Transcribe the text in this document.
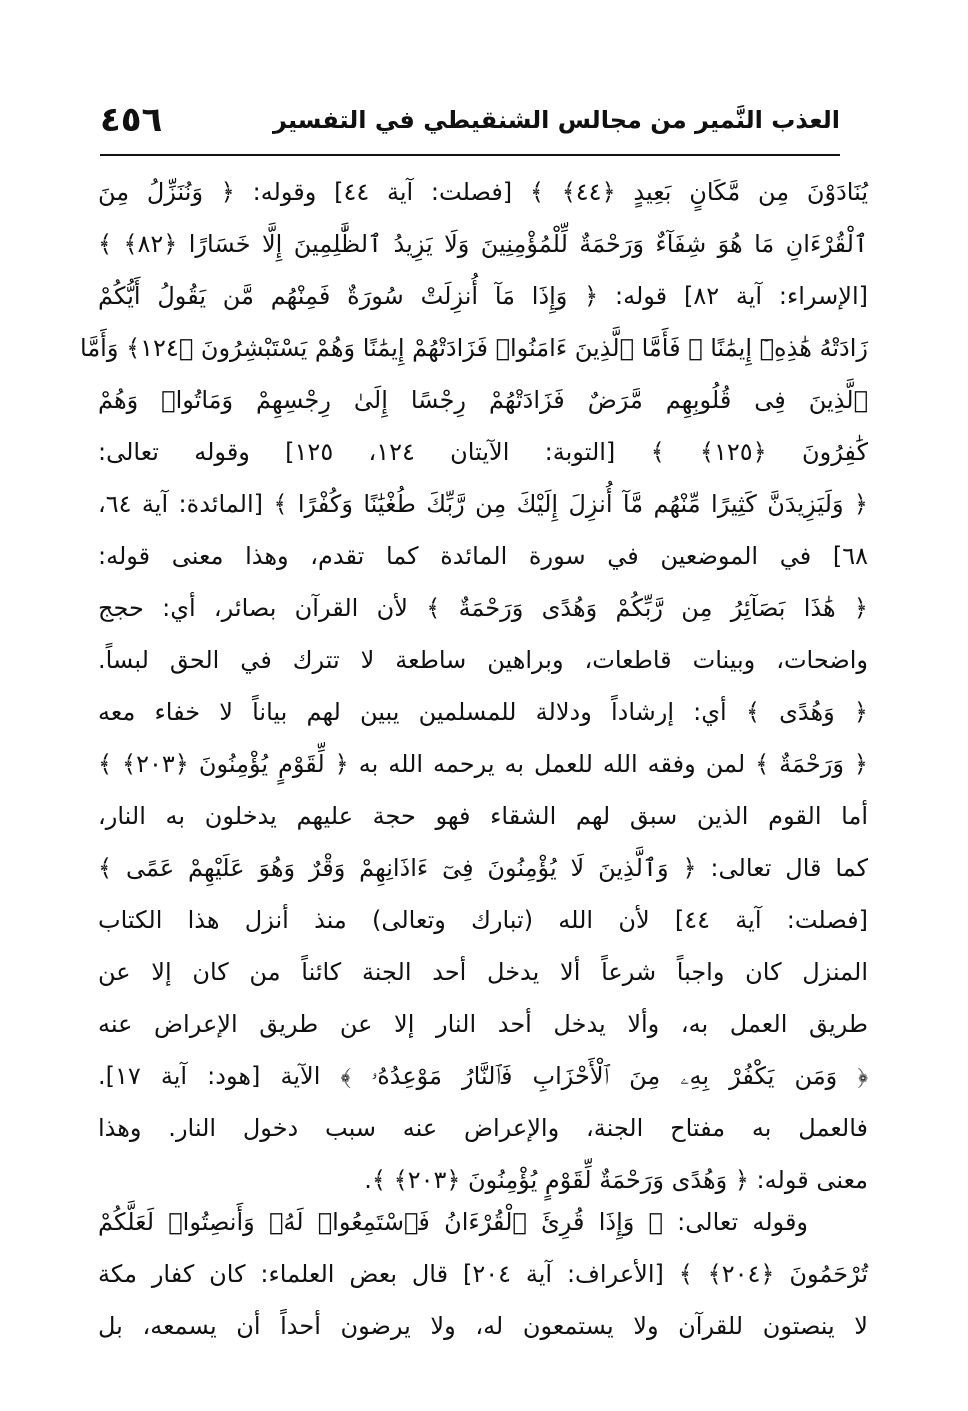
٤٥٦	العذب النَّمير من مجالس الشنقيطي في التفسير
يُنَادَوْنَ مِن مَّكَانٍ بَعِيدٍ ﴿٤٤﴾ ﴾ [فصلت: آية ٤٤] وقوله: ﴿ وَنُنَزِّلُ مِنَ
ٱلْقُرْءَانِ مَا هُوَ شِفَآءٌ وَرَحْمَةٌ لِّلْمُؤْمِنِينَ وَلَا يَزِيدُ ٱلظَّٰلِمِينَ إِلَّا خَسَارًا ﴿٨٢﴾ ﴾
[الإسراء: آية ٨٢] قوله: ﴿ وَإِذَا مَآ أُنزِلَتْ سُورَةٌ فَمِنْهُم مَّن يَقُولُ أَيُّكُمْ
زَادَتْهُ هَٰذِهِۦٓ إِيمَٰنًا ۚ فَأَمَّا ٱلَّذِينَ ءَامَنُوا۟ فَزَادَتْهُمْ إِيمَٰنًا وَهُمْ يَسْتَبْشِرُونَ ﴿١٢٤﴾ وَأَمَّا
ٱلَّذِينَ فِى قُلُوبِهِم مَّرَضٌ فَزَادَتْهُمْ رِجْسًا إِلَىٰ رِجْسِهِمْ وَمَاتُوا۟ وَهُمْ
كَٰفِرُونَ ﴿١٢٥﴾ ﴾ [التوبة: الآيتان ١٢٤، ١٢٥] وقوله تعالى:
﴿ وَلَيَزِيدَنَّ كَثِيرًا مِّنْهُم مَّآ أُنزِلَ إِلَيْكَ مِن رَّبِّكَ طُغْيَٰنًا وَكُفْرًا ﴾ [المائدة: آية ٦٤،
٦٨] في الموضعين في سورة المائدة كما تقدم، وهذا معنى قوله:
﴿ هَٰذَا بَصَآئِرُ مِن رَّبِّكُمْ وَهُدًى وَرَحْمَةٌ ﴾ لأن القرآن بصائر، أي: حجج
واضحات، وبينات قاطعات، وبراهين ساطعة لا تترك في الحق لبساً.
﴿ وَهُدًى ﴾ أي: إرشاداً ودلالة للمسلمين يبين لهم بياناً لا خفاء معه
﴿ وَرَحْمَةٌ ﴾ لمن وفقه الله للعمل به يرحمه الله به ﴿ لِّقَوْمٍ يُؤْمِنُونَ ﴿٢٠٣﴾ ﴾
أما القوم الذين سبق لهم الشقاء فهو حجة عليهم يدخلون به النار،
كما قال تعالى: ﴿ وَٱلَّذِينَ لَا يُؤْمِنُونَ فِىٓ ءَاذَانِهِمْ وَقْرٌ وَهُوَ عَلَيْهِمْ عَمًى ﴾
[فصلت: آية ٤٤] لأن الله (تبارك وتعالى) منذ أنزل هذا الكتاب
المنزل كان واجباً شرعاً ألا يدخل أحد الجنة كائناً من كان إلا عن
طريق العمل به، وألا يدخل أحد النار إلا عن طريق الإعراض عنه
﴿ وَمَن يَكْفُرْ بِهِۦ مِنَ ٱلْأَحْزَابِ فَٱلنَّارُ مَوْعِدُهُۥ ﴾ الآية [هود: آية ١٧].
فالعمل به مفتاح الجنة، والإعراض عنه سبب دخول النار. وهذا
معنى قوله: ﴿ وَهُدًى وَرَحْمَةٌ لِّقَوْمٍ يُؤْمِنُونَ ﴿٢٠٣﴾ ﴾.
وقوله تعالى: ﴿ وَإِذَا قُرِئَ ٱلْقُرْءَانُ فَٱسْتَمِعُوا۟ لَهُۥ وَأَنصِتُوا۟ لَعَلَّكُمْ
تُرْحَمُونَ ﴿٢٠٤﴾ ﴾ [الأعراف: آية ٢٠٤] قال بعض العلماء: كان كفار مكة
لا ينصتون للقرآن ولا يستمعون له، ولا يرضون أحداً أن يسمعه، بل
